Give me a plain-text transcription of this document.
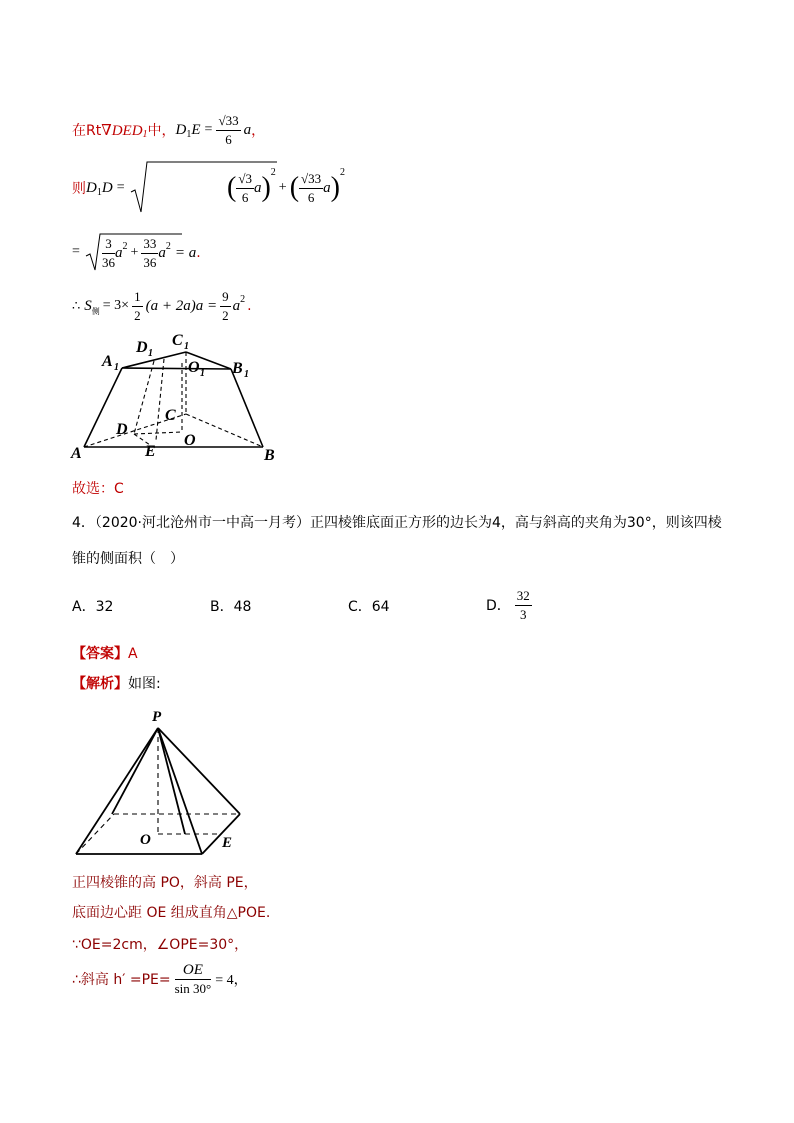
在Rt ∇DED 1 中， D 1 $E = \frac{√33}{6}$ a ，
则 D 1 D =	( $\frac{√3}{6}$ a ) 2
+ ( $\frac{√33}{6}$ a ) 2
= $\frac{3}{36}$ a $2 + \frac{33}{36}$ a 2 = a .
∴ S 侧 = $3\times \frac{1}{2} (a + 2a)a = \frac{9}{2}$ a 2 .
A 1
D 1
C 1
O 1 B 1
D
C
A	E
O
B
故选：C
4．（2020·河北沧州市一中高一月考）正四棱锥底面正方形的边长为4，高与斜高的夹角为30°，则该四棱
锥的侧面积（　）
A．32	B．48	C．64	D． $\frac{32}{3}$
【答案】A
【解析】如图:
P
O	E
正四棱锥的高 PO，斜高 PE，
底面边心距 OE 组成直角△POE.
∵OE=2cm，∠OPE=30°，
∴斜高 $h' =PE= \frac{OE}{\sin 30^\circ} = 4$，
